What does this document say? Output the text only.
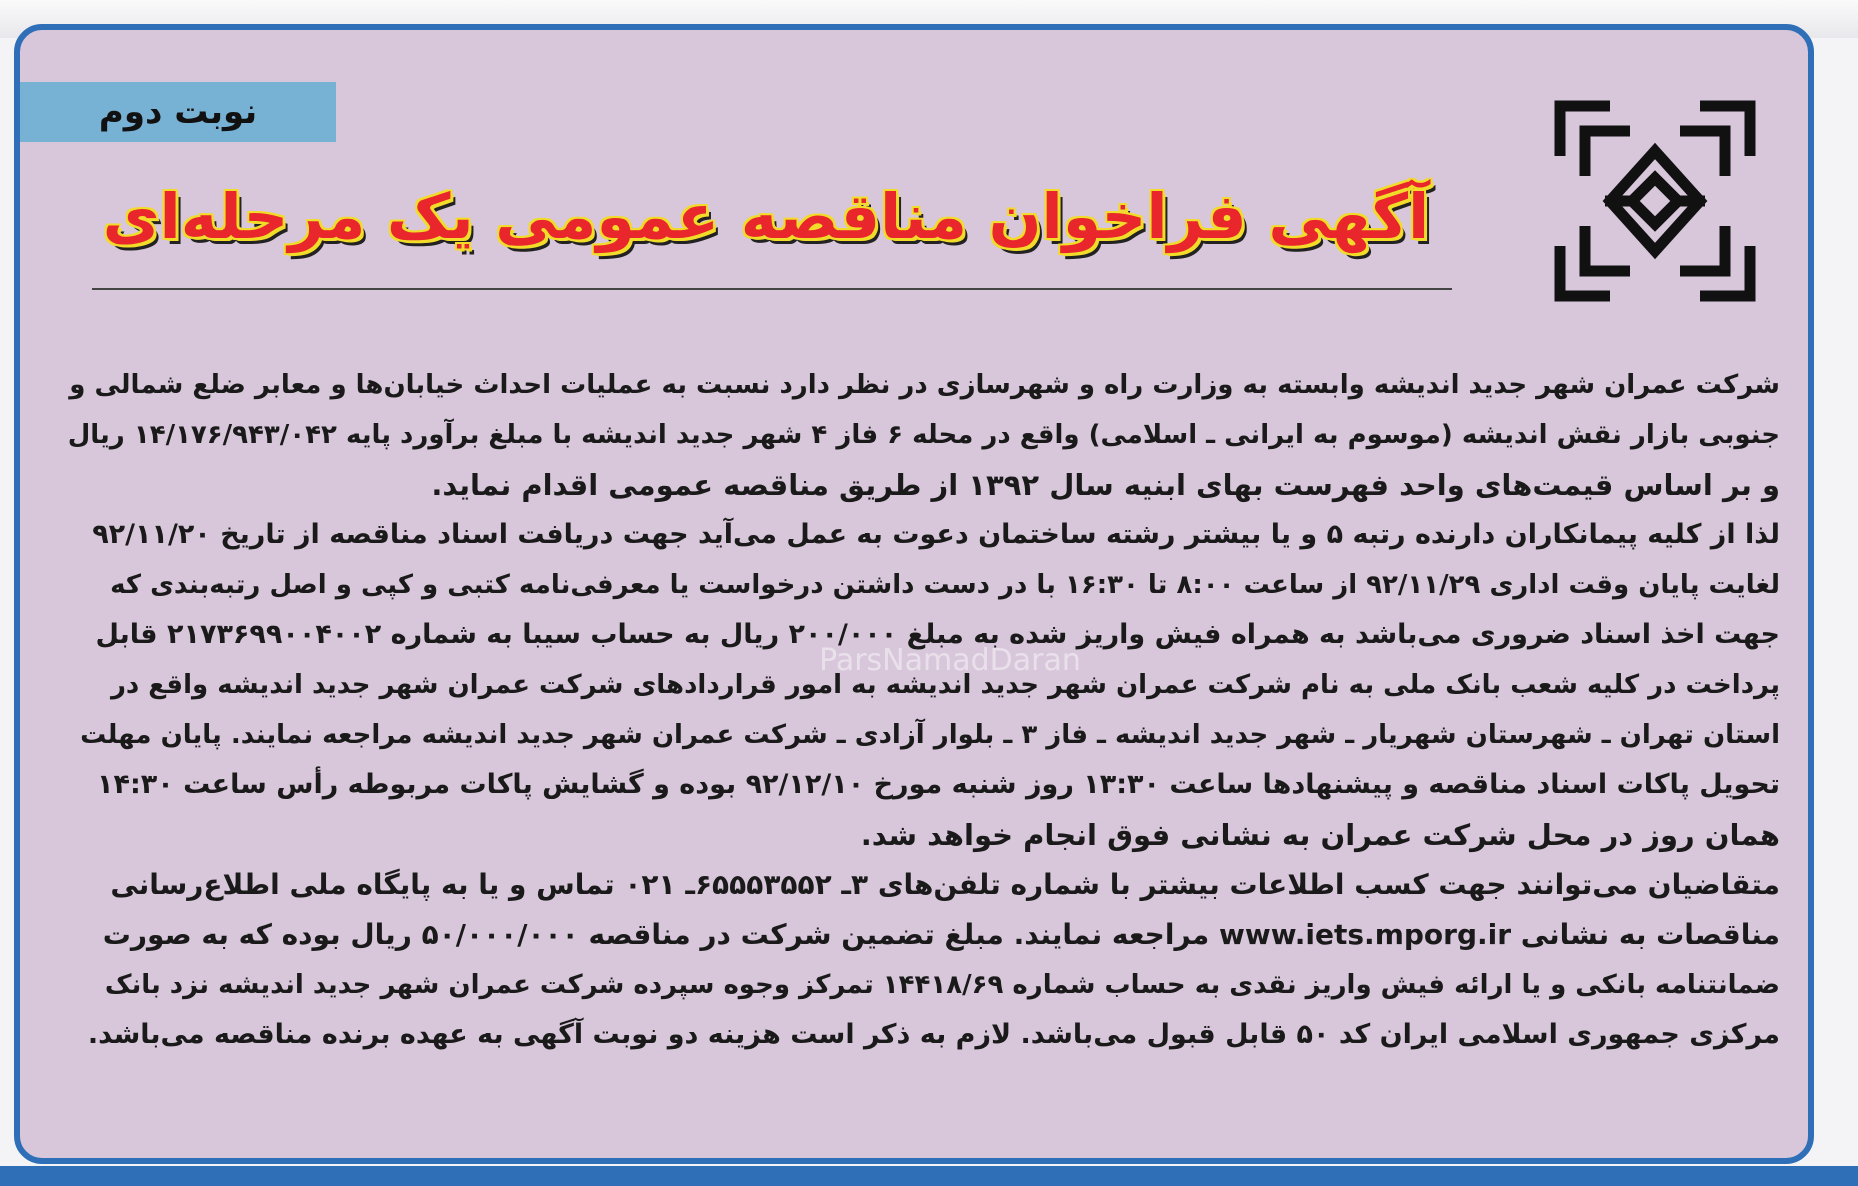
نوبت دوم
آگهی فراخوان مناقصه عمومی یک مرحله‌ای
ParsNamadDaran
شرکت عمران شهر جدید اندیشه وابسته به وزارت راه و شهرسازی در نظر دارد نسبت به عملیات احداث خیابان‌ها و معابر ضلع شمالی و
جنوبی بازار نقش اندیشه (موسوم به ایرانی ـ اسلامی) واقع در محله ۶ فاز ۴ شهر جدید اندیشه با مبلغ برآورد پایه ۱۴/۱۷۶/۹۴۳/۰۴۲ ریال
و بر اساس قیمت‌های واحد فهرست بهای ابنیه سال ۱۳۹۲ از طریق مناقصه عمومی اقدام نماید.
لذا از کلیه پیمانکاران دارنده رتبه ۵ و یا بیشتر رشته ساختمان دعوت به عمل می‌آید جهت دریافت اسناد مناقصه از تاریخ ۹۲/۱۱/۲۰
لغایت پایان وقت اداری ۹۲/۱۱/۲۹ از ساعت ۸:۰۰ تا ۱۶:۳۰ با در دست داشتن درخواست یا معرفی‌نامه کتبی و کپی و اصل رتبه‌بندی که
جهت اخذ اسناد ضروری می‌باشد به همراه فیش واریز شده به مبلغ ۲۰۰/۰۰۰ ریال به حساب سیبا به شماره ۲۱۷۳۶۹۹۰۰۴۰۰۲ قابل
پرداخت در کلیه شعب بانک ملی به نام شرکت عمران شهر جدید اندیشه به امور قراردادهای شرکت عمران شهر جدید اندیشه واقع در
استان تهران ـ شهرستان شهریار ـ شهر جدید اندیشه ـ فاز ۳ ـ بلوار آزادی ـ شرکت عمران شهر جدید اندیشه مراجعه نمایند. پایان مهلت
تحویل پاکات اسناد مناقصه و پیشنهادها ساعت ۱۳:۳۰ روز شنبه مورخ ۹۲/۱۲/۱۰ بوده و گشایش پاکات مربوطه رأس ساعت ۱۴:۳۰
همان روز در محل شرکت عمران به نشانی فوق انجام خواهد شد.
متقاضیان می‌توانند جهت کسب اطلاعات بیشتر با شماره تلفن‌های ۳ـ ۶۵۵۵۳۵۵۲ـ ۰۲۱ تماس و یا به پایگاه ملی اطلاع‌رسانی
مناقصات به نشانی www.iets.mporg.ir مراجعه نمایند. مبلغ تضمین شرکت در مناقصه ۵۰/۰۰۰/۰۰۰ ریال بوده که به صورت
ضمانتنامه بانکی و یا ارائه فیش واریز نقدی به حساب شماره ۱۴۴۱۸/۶۹ تمرکز وجوه سپرده شرکت عمران شهر جدید اندیشه نزد بانک
مرکزی جمهوری اسلامی ایران کد ۵۰ قابل قبول می‌باشد. لازم به ذکر است هزینه دو نوبت آگهی به عهده برنده مناقصه می‌باشد.
